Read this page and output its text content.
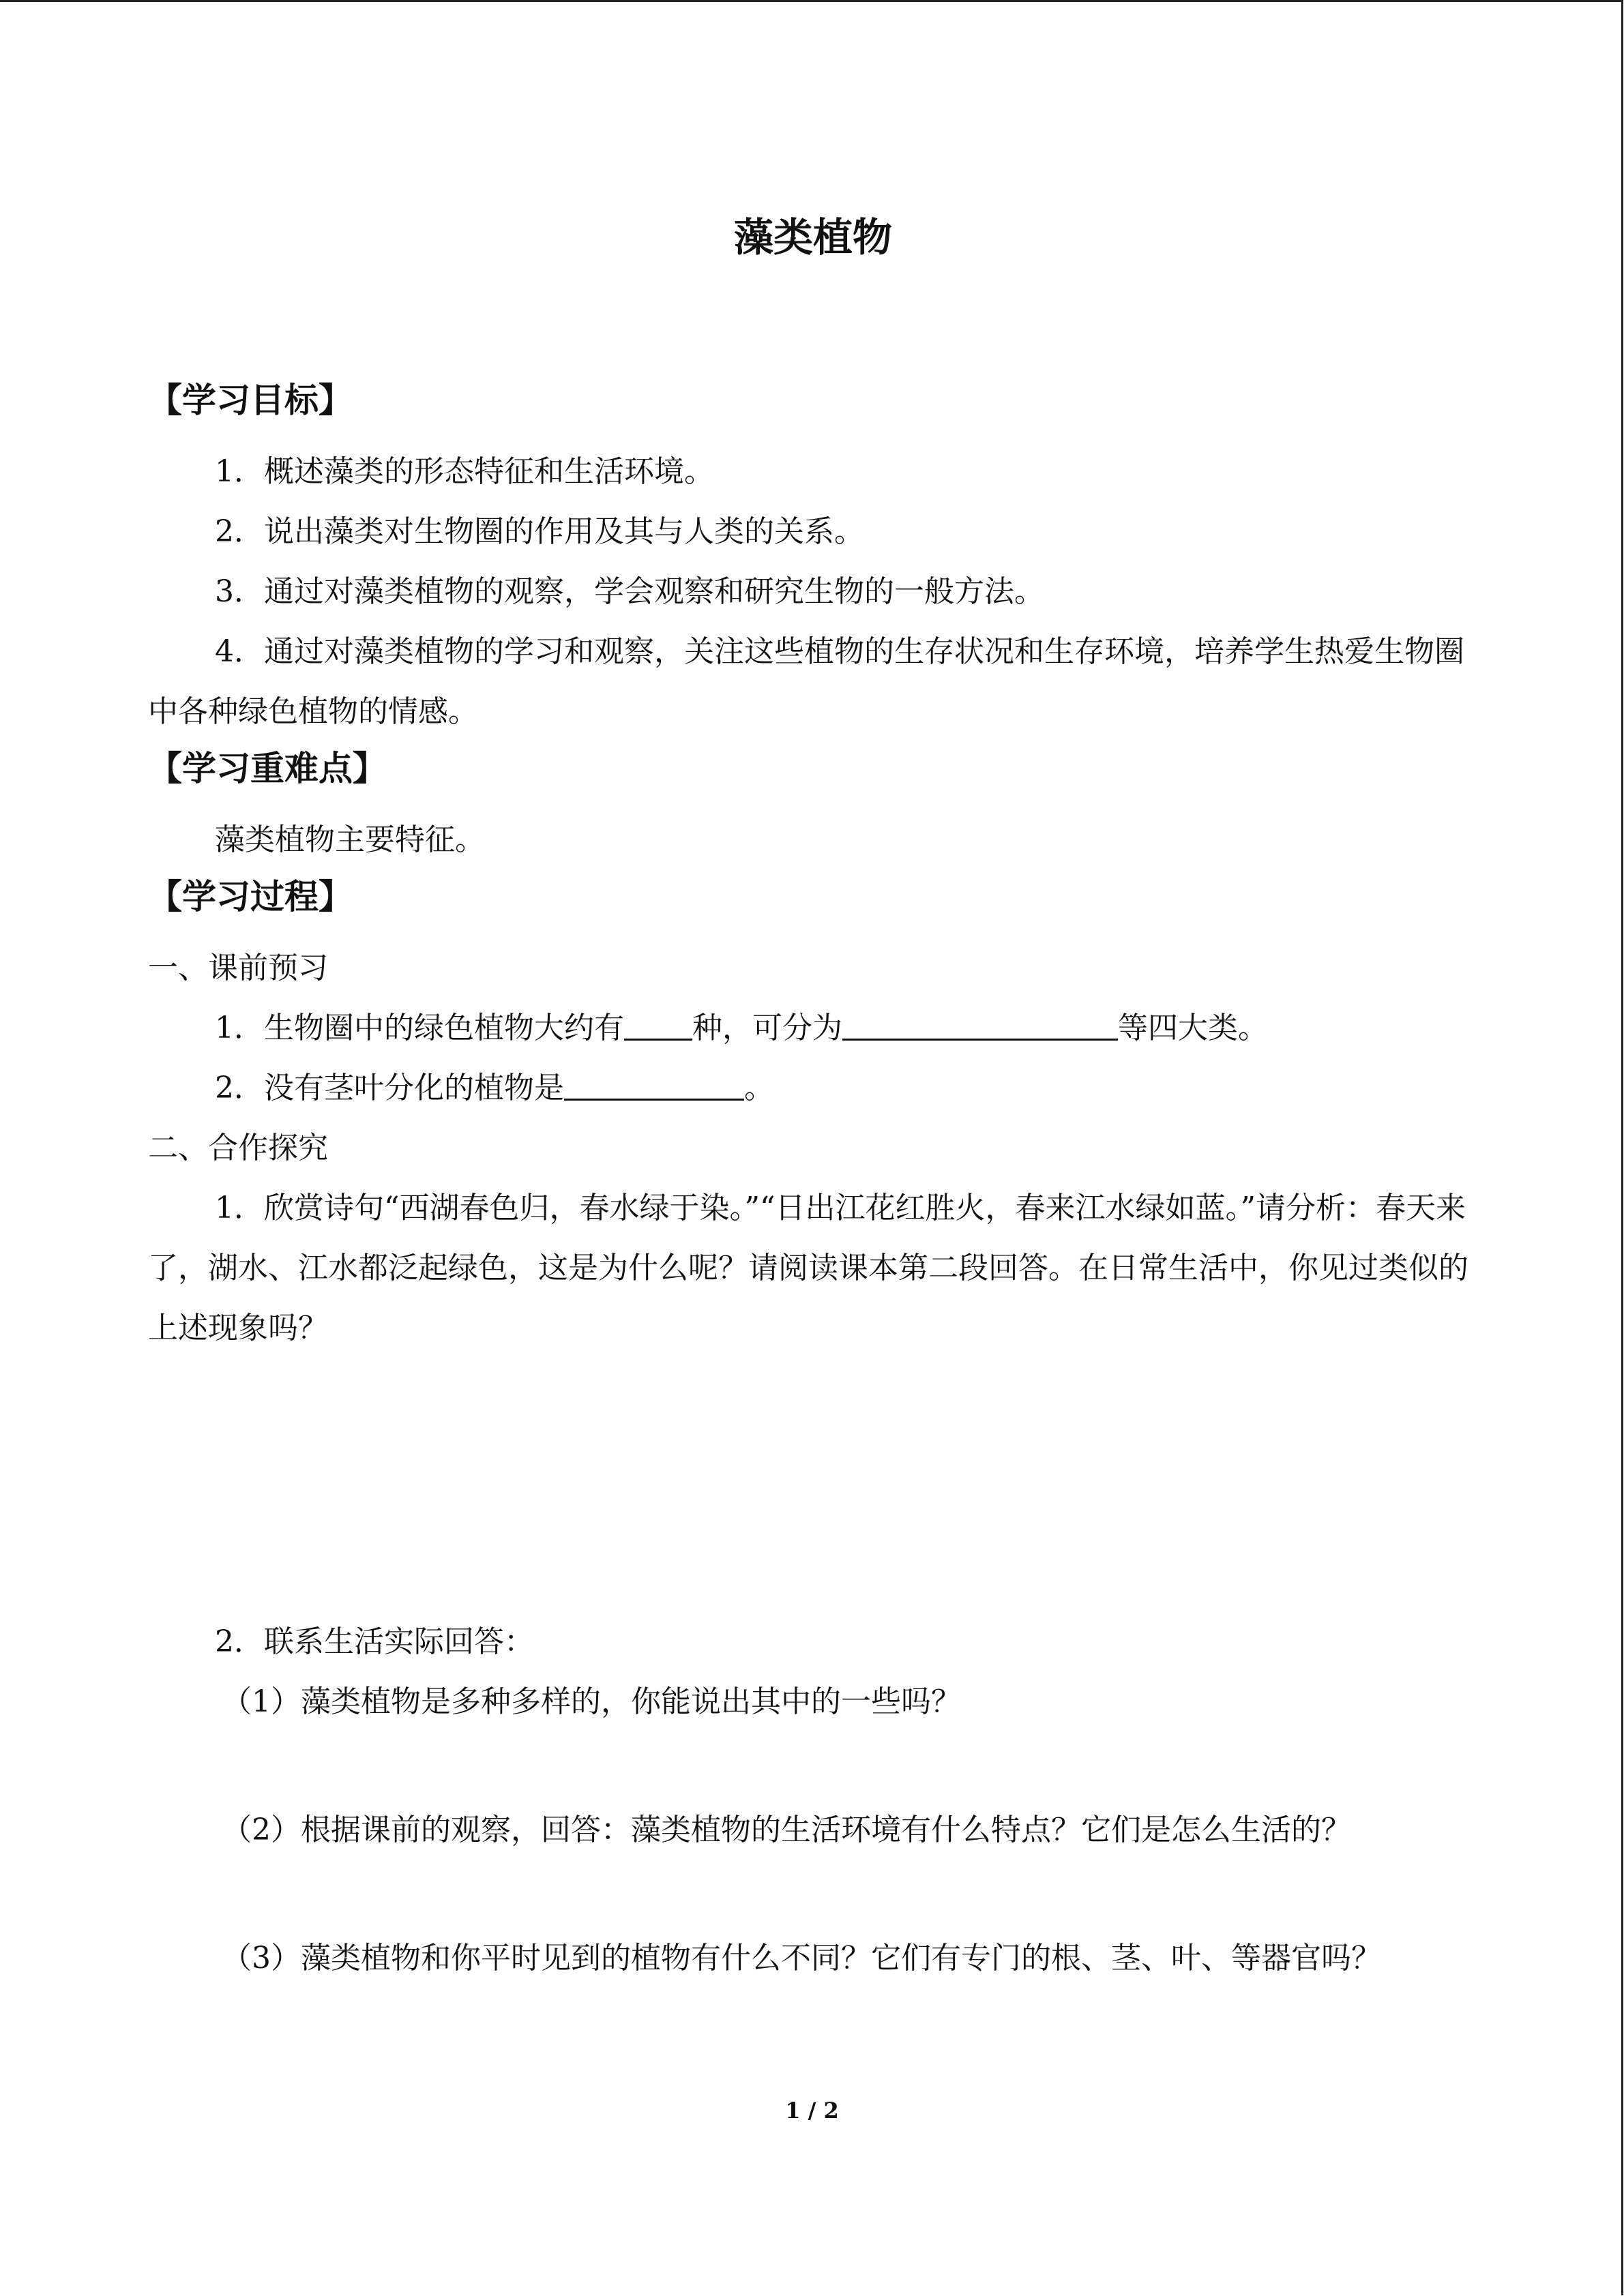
藻类植物
【学习目标】

1．概述藻类的形态特征和生活环境。

2．说出藻类对生物圈的作用及其与人类的关系。

3．通过对藻类植物的观察，学会观察和研究生物的一般方法。

4．通过对藻类植物的学习和观察，关注这些植物的生存状况和生存环境，培养学生热爱生物圈中各种绿色植物的情感。

【学习重难点】

藻类植物主要特征。

【学习过程】

一、课前预习

1．生物圈中的绿色植物大约有 种，可分为	等四大类。

2．没有茎叶分化的植物是	。

二、合作探究

1．欣赏诗句“西湖春色归，春水绿于染。”“日出江花红胜火，春来江水绿如蓝。”请分析：春天来了，湖水、江水都泛起绿色，这是为什么呢？请阅读课本第二段回答。在日常生活中，你见过类似的上述现象吗？

2．联系生活实际回答：

（1）藻类植物是多种多样的，你能说出其中的一些吗？

（2）根据课前的观察，回答：藻类植物的生活环境有什么特点？它们是怎么生活的？

（3）藻类植物和你平时见到的植物有什么不同？它们有专门的根、茎、叶、等器官吗？

1 / 2
